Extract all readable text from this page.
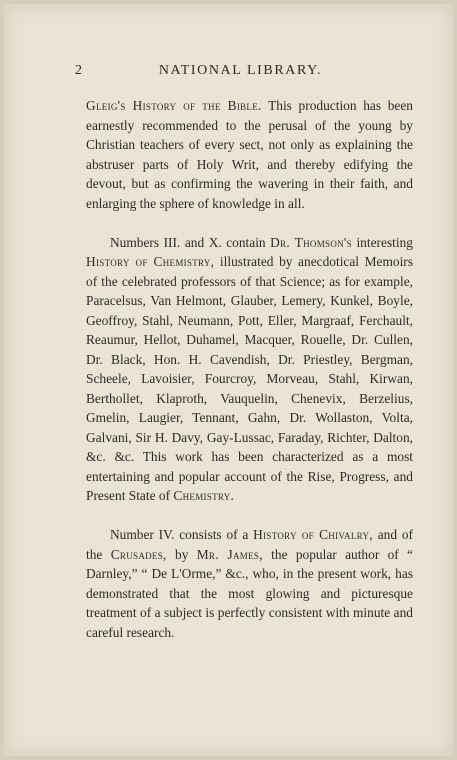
2	NATIONAL LIBRARY.

Gleig's History of the Bible. This production has been earnestly recommended to the perusal of the young by Christian teachers of every sect, not only as explaining the abstruser parts of Holy Writ, and thereby edifying the devout, but as confirming the wavering in their faith, and enlarging the sphere of knowledge in all.

Numbers III. and X. contain Dr. Thomson's interesting History of Chemistry, illustrated by anecdotical Memoirs of the celebrated professors of that Science; as for example, Paracelsus, Van Helmont, Glauber, Lemery, Kunkel, Boyle, Geoffroy, Stahl, Neumann, Pott, Eller, Margraaf, Ferchault, Reaumur, Hellot, Duhamel, Macquer, Rouelle, Dr. Cullen, Dr. Black, Hon. H. Cavendish, Dr. Priestley, Bergman, Scheele, Lavoisier, Fourcroy, Morveau, Stahl, Kirwan, Berthollet, Klaproth, Vauquelin, Chenevix, Berzelius, Gmelin, Laugier, Tennant, Gahn, Dr. Wollaston, Volta, Galvani, Sir H. Davy, Gay-Lussac, Faraday, Richter, Dalton, &c. &c. This work has been characterized as a most entertaining and popular account of the Rise, Progress, and Present State of Chemistry.

Number IV. consists of a History of Chivalry, and of the Crusades, by Mr. James, the popular author of “ Darnley,” “ De L'Orme,” &c., who, in the present work, has demonstrated that the most glowing and picturesque treatment of a subject is perfectly consistent with minute and careful research.
